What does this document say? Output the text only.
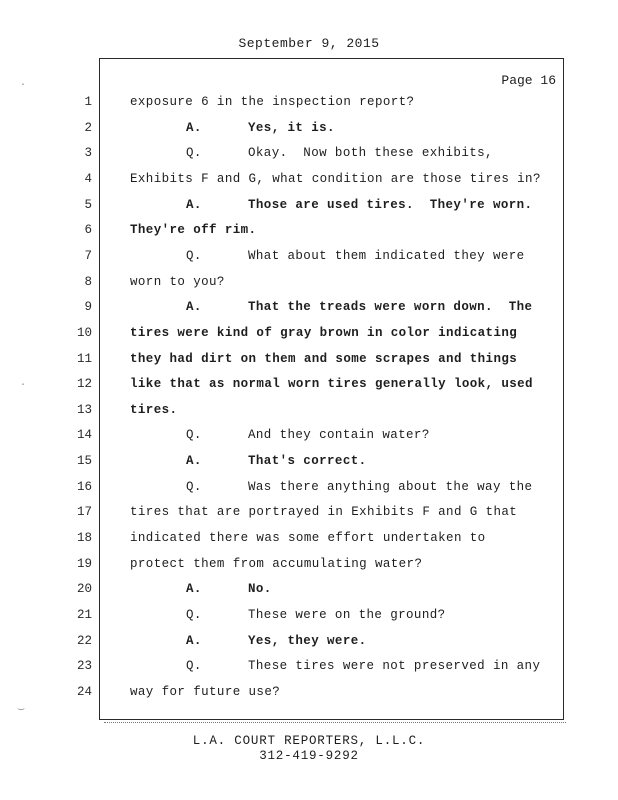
September 9, 2015
Page 16
1	exposure 6 in the inspection report?
2	A.	Yes, it is.
3	Q.	Okay.  Now both these exhibits,
4	Exhibits F and G, what condition are those tires in?
5	A.	Those are used tires.  They're worn.
6	They're off rim.
7	Q.	What about them indicated they were
8	worn to you?
9	A.	That the treads were worn down.  The
10	tires were kind of gray brown in color indicating
11	they had dirt on them and some scrapes and things
12	like that as normal worn tires generally look, used
13	tires.
14	Q.	And they contain water?
15	A.	That's correct.
16	Q.	Was there anything about the way the
17	tires that are portrayed in Exhibits F and G that
18	indicated there was some effort undertaken to
19	protect them from accumulating water?
20	A.	No.
21	Q.	These were on the ground?
22	A.	Yes, they were.
23	Q.	These tires were not preserved in any
24	way for future use?
L.A. COURT REPORTERS, L.L.C.
312-419-9292
·
·
‿
